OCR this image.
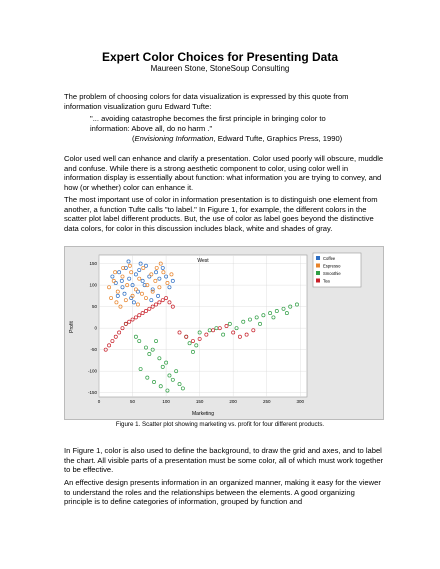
Expert Color Choices for Presenting Data
Maureen Stone, StoneSoup Consulting
The problem of choosing colors for data visualization is expressed by this quote from information visualization guru Edward Tufte:
"... avoiding catastrophe becomes the first principle in bringing color to
information: Above all, do no harm ."
(Envisioning Information, Edward Tufte, Graphics Press, 1990)
Color used well can enhance and clarify a presentation. Color used poorly will obscure, muddle and confuse. While there is a strong aesthetic component to color, using color well in information display is essentially about function: what information you are trying to convey, and how (or whether) color can enhance it.
The most important use of color in information presentation is to distinguish one element from another, a function Tufte calls "to label." In Figure 1, for example, the different colors in the scatter plot label different products. But, the use of color as label goes beyond the distinctive data colors, for color in this discussion includes black, white and shades of gray.
0	50	100	150	200	250	300
150
100
50
0
-50
-100
-150
West
Marketing
Profit
Coffee
Espresso
Smoothie
Tea
Figure 1. Scatter plot showing marketing vs. profit for four different products.
In Figure 1, color is also used to define the background, to draw the grid and axes, and to label the chart. All visible parts of a presentation must be some color, all of which must work together to be effective.
An effective design presents information in an organized manner, making it easy for the viewer to understand the roles and the relationships between the elements. A good organizing principle is to define categories of information, grouped by function and
